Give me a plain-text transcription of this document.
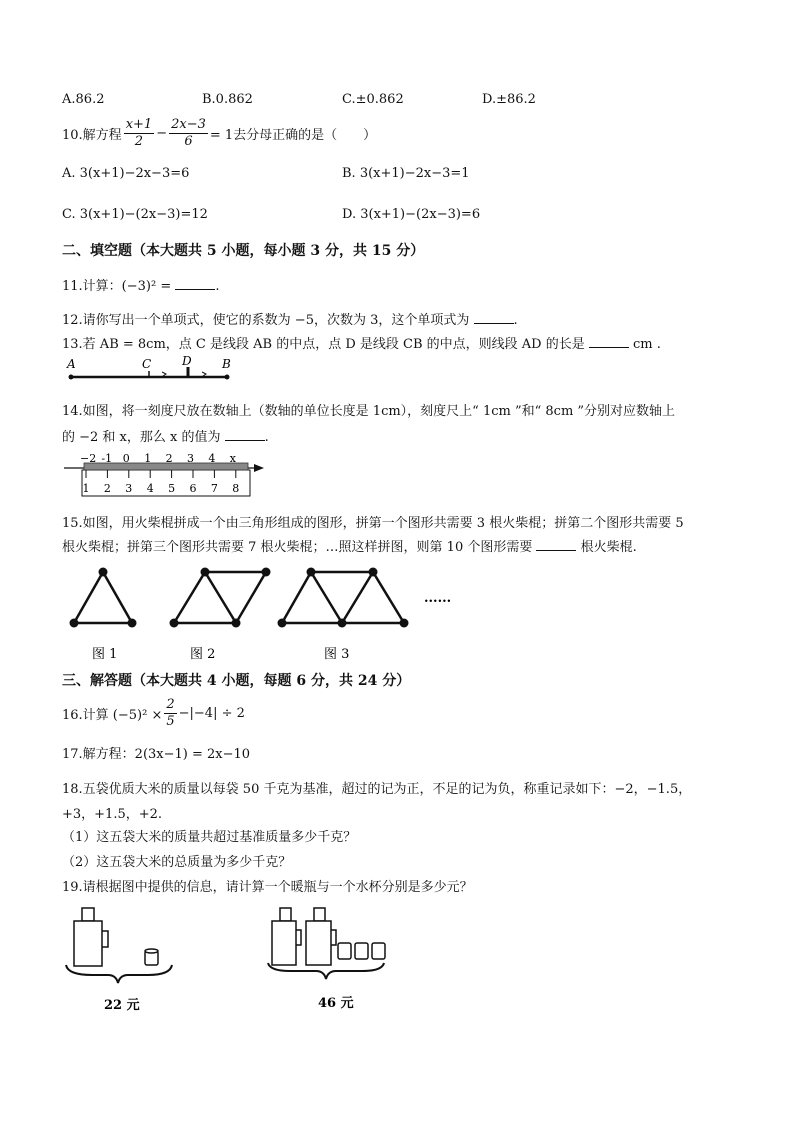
A.86.2	B.0.862	C.±0.862	D.±86.2
10.解方程 $\frac{x+1}{2} - \frac{2x-3}{6} = 1$去分母正确的是（　　）
A. 3(x+1)−2x−3=6	B. 3(x+1)−2x−3=1
C. 3(x+1)−(2x−3)=12	D. 3(x+1)−(2x−3)=6
二、填空题（本大题共 5 小题，每小题 3 分，共 15 分）
11.计算：(−3)² =	.
12.请你写出一个单项式，使它的系数为 −5，次数为 3，这个单项式为	.
13.若 AB = 8cm，点 C 是线段 AB 的中点，点 D 是线段 CB 的中点，则线段 AD 的长是	cm .
A	C	D	B
14.如图，将一刻度尺放在数轴上（数轴的单位长度是 1cm），刻度尺上“ 1cm ”和“ 8cm ”分别对应数轴上
的 −2 和 x，那么 x 的值为	.
−2 -1 0 1 2 3 4 x
1 2 3 4 5 6 7 8
15.如图，用火柴棍拼成一个由三角形组成的图形，拼第一个图形共需要 3 根火柴棍；拼第二个图形共需要 5
根火柴棍；拼第三个图形共需要 7 根火柴棍；…照这样拼图，则第 10 个图形需要	根火柴棍.
......
图 1	图 2	图 3
三、解答题（本大题共 4 小题，每题 6 分，共 24 分）
16.计算 $(-5)^2 \times \frac{2}{5} -|-4| \div 2$
17.解方程：2(3x−1) = 2x−10
18.五袋优质大米的质量以每袋 50 千克为基准，超过的记为正，不足的记为负，称重记录如下：−2，−1.5，
+3，+1.5，+2.
（1）这五袋大米的质量共超过基准质量多少千克？
（2）这五袋大米的总质量为多少千克？
19.请根据图中提供的信息，请计算一个暖瓶与一个水杯分别是多少元？
22 元	46 元
